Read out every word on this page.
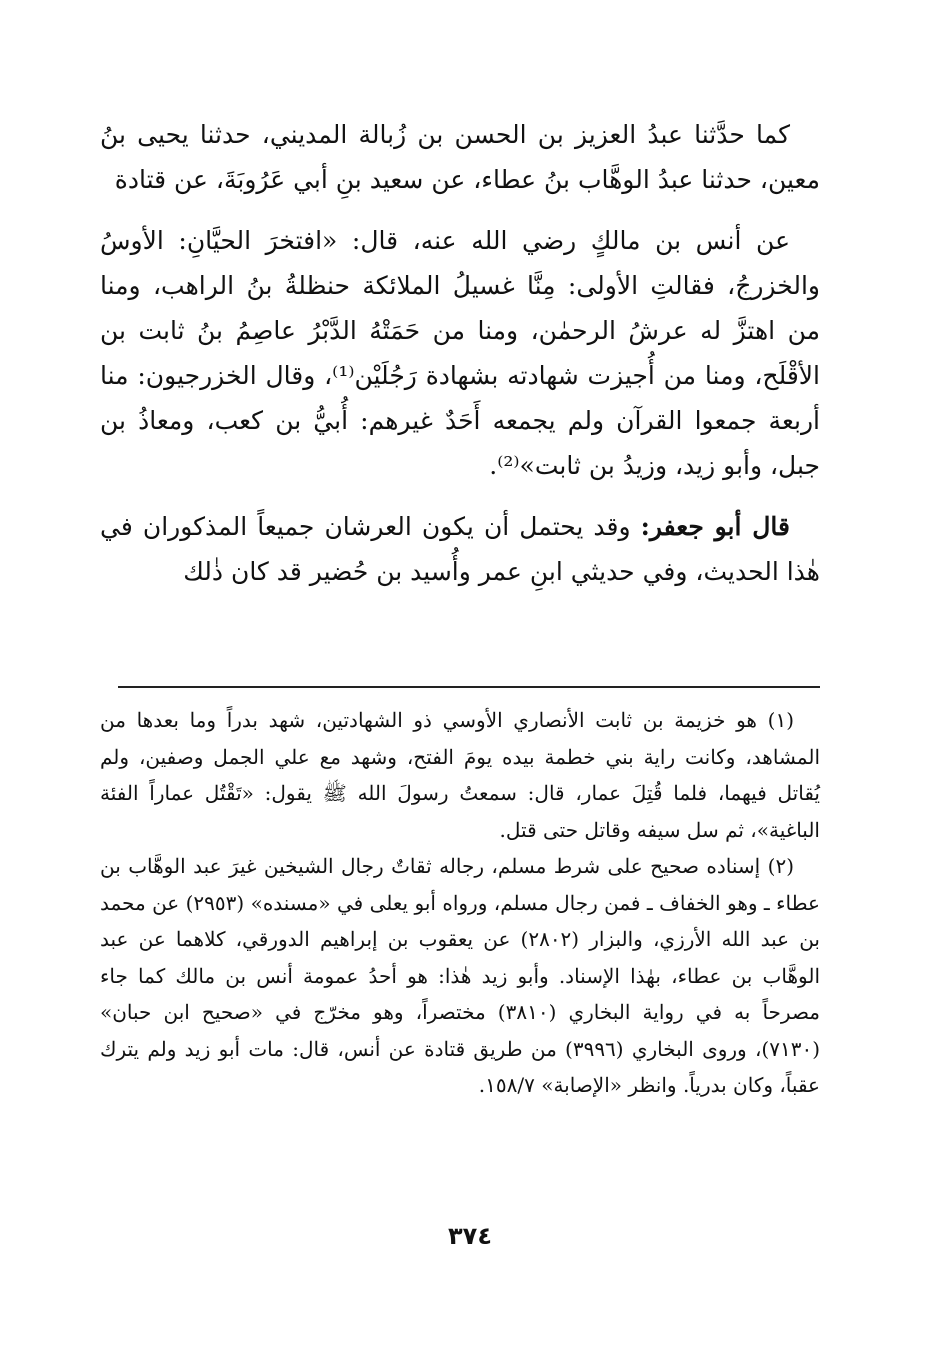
كما حدَّثنا عبدُ العزيز بن الحسن بن زُبالة المديني، حدثنا يحيى بنُ معين، حدثنا عبدُ الوهَّاب بنُ عطاء، عن سعيد بنِ أبي عَرُوبَةَ، عن قتادة

عن أنس بن مالكٍ رضي الله عنه، قال: «افتخرَ الحيَّانِ: الأوسُ والخزرجُ، فقالتِ الأولى: مِنَّا غسيلُ الملائكة حنظلةُ بنُ الراهب، ومنا من اهتزَّ له عرشُ الرحمٰن، ومنا من حَمَتْهُ الدَّبْرُ عاصِمُ بنُ ثابت بن الأقْلَح، ومنا من أُجيزت شهادته بشهادة رَجُلَيْن⁽¹⁾، وقال الخزرجيون: منا أربعة جمعوا القرآن ولم يجمعه أَحَدٌ غيرهم: أُبيُّ بن كعب، ومعاذُ بن جبل، وأبو زيد، وزيدُ بن ثابت»⁽²⁾.

قال أبو جعفر: وقد يحتمل أن يكون العرشان جميعاً المذكوران في هٰذا الحديث، وفي حديثي ابنِ عمر وأُسيد بن حُضير قد كان ذٰلك

(١) هو خزيمة بن ثابت الأنصاري الأوسي ذو الشهادتين، شهد بدراً وما بعدها من المشاهد، وكانت راية بني خطمة بيده يومَ الفتح، وشهد مع علي الجمل وصفين، ولم يُقاتل فيهما، فلما قُتِلَ عمار، قال: سمعتُ رسولَ الله ﷺ يقول: «تَقْتُل عماراً الفئة الباغية»، ثم سل سيفه وقاتل حتى قتل.

(٢) إسناده صحيح على شرط مسلم، رجاله ثقاتٌ رجال الشيخين غيرَ عبد الوهَّاب بن عطاء ـ وهو الخفاف ـ فمن رجال مسلم، ورواه أبو يعلى في «مسنده» (٢٩٥٣) عن محمد بن عبد الله الأرزي، والبزار (٢٨٠٢) عن يعقوب بن إبراهيم الدورقي، كلاهما عن عبد الوهَّاب بن عطاء، بهٰذا الإسناد. وأبو زيد هٰذا: هو أحدُ عمومة أنس بن مالك كما جاء مصرحاً به في رواية البخاري (٣٨١٠) مختصراً، وهو مخرّج في «صحيح ابن حبان» (٧١٣٠)، وروى البخاري (٣٩٩٦) من طريق قتادة عن أنس، قال: مات أبو زيد ولم يترك عقباً، وكان بدرياً. وانظر «الإصابة» ١٥٨/٧.

٣٧٤
